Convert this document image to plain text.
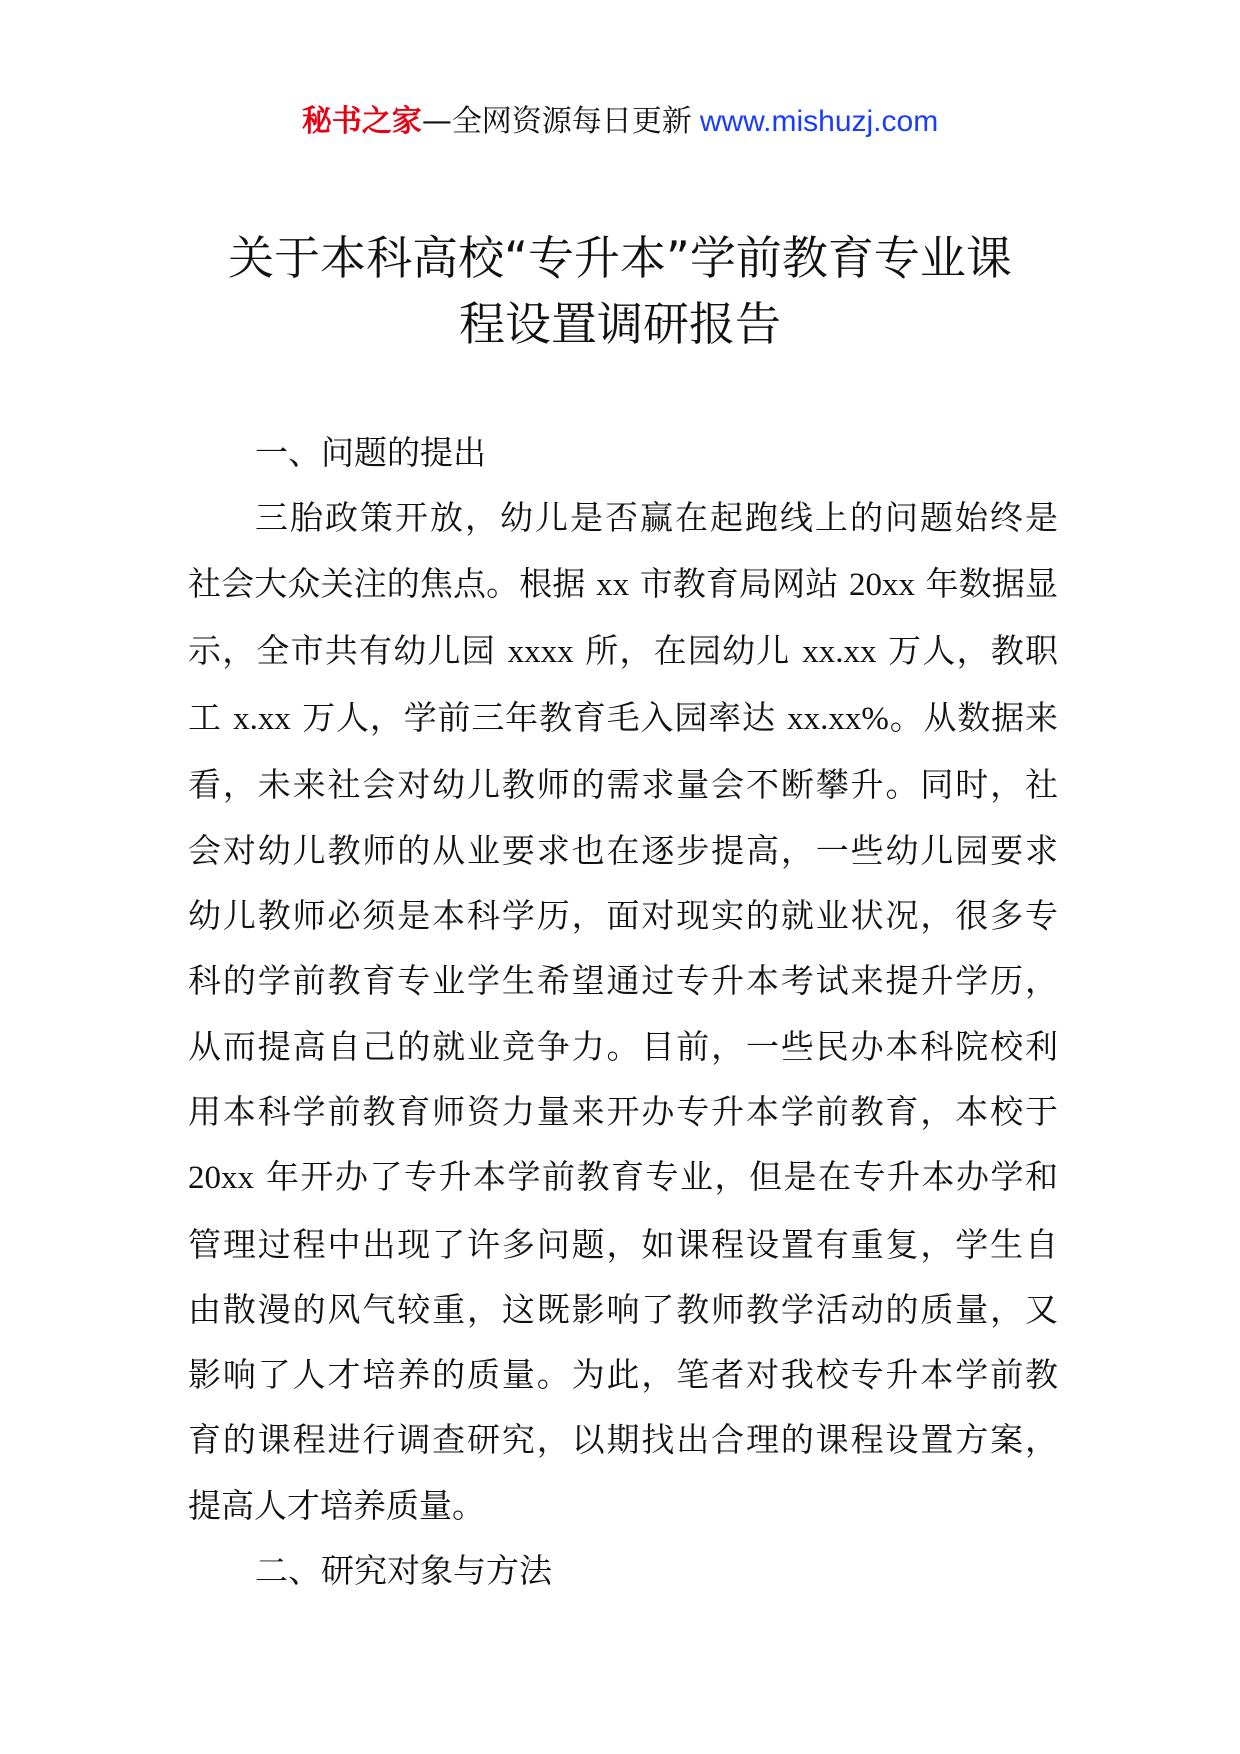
秘书之家—全网资源每日更新 www.mishuzj.com
关于本科高校“专升本”学前教育专业课
程设置调研报告

一、问题的提出

三胎政策开放，幼儿是否赢在起跑线上的问题始终是
社会大众关注的焦点。根据 xx 市教育局网站 20xx 年数据显
示，全市共有幼儿园 xxxx 所，在园幼儿 xx.xx 万人，教职
工 x.xx 万人，学前三年教育毛入园率达 xx.xx%。从数据来
看，未来社会对幼儿教师的需求量会不断攀升。同时，社
会对幼儿教师的从业要求也在逐步提高，一些幼儿园要求
幼儿教师必须是本科学历，面对现实的就业状况，很多专
科的学前教育专业学生希望通过专升本考试来提升学历，
从而提高自己的就业竞争力。目前，一些民办本科院校利
用本科学前教育师资力量来开办专升本学前教育，本校于
20xx 年开办了专升本学前教育专业，但是在专升本办学和
管理过程中出现了许多问题，如课程设置有重复，学生自
由散漫的风气较重，这既影响了教师教学活动的质量，又
影响了人才培养的质量。为此，笔者对我校专升本学前教
育的课程进行调查研究，以期找出合理的课程设置方案，
提高人才培养质量。

二、研究对象与方法
